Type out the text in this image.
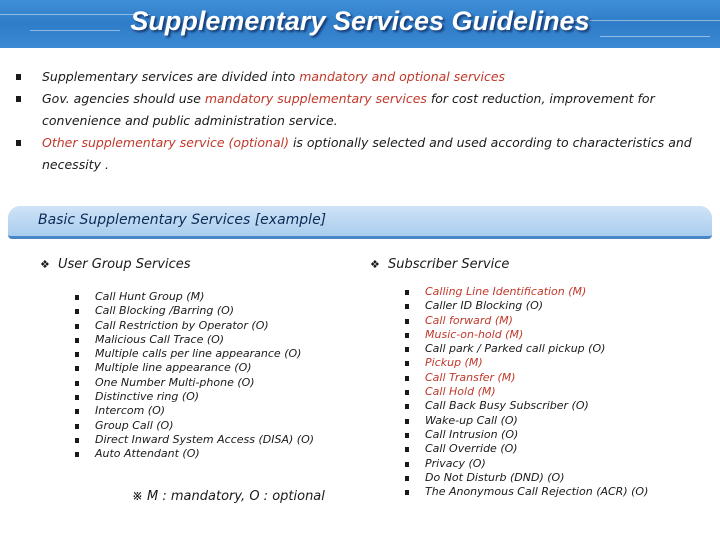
Supplementary Services Guidelines
Supplementary services are divided into mandatory and optional services
Gov. agencies should use mandatory supplementary services for cost reduction, improvement for convenience and public administration service.
Other supplementary service (optional) is optionally selected and used according to characteristics and necessity .
Basic Supplementary Services [example]
❖ User Group Services
Call Hunt Group (M)
Call Blocking /Barring (O)
Call Restriction by Operator (O)
Malicious Call Trace (O)
Multiple calls per line appearance (O)
Multiple line appearance (O)
One Number Multi-phone (O)
Distinctive ring (O)
Intercom (O)
Group Call (O)
Direct Inward System Access (DISA) (O)
Auto Attendant (O)
❖ Subscriber Service
Calling Line Identification (M)
Caller ID Blocking (O)
Call forward (M)
Music-on-hold (M)
Call park / Parked call pickup (O)
Pickup (M)
Call Transfer (M)
Call Hold (M)
Call Back Busy Subscriber (O)
Wake-up Call (O)
Call Intrusion (O)
Call Override (O)
Privacy (O)
Do Not Disturb (DND) (O)
The Anonymous Call Rejection (ACR) (O)
※ M : mandatory, O : optional
